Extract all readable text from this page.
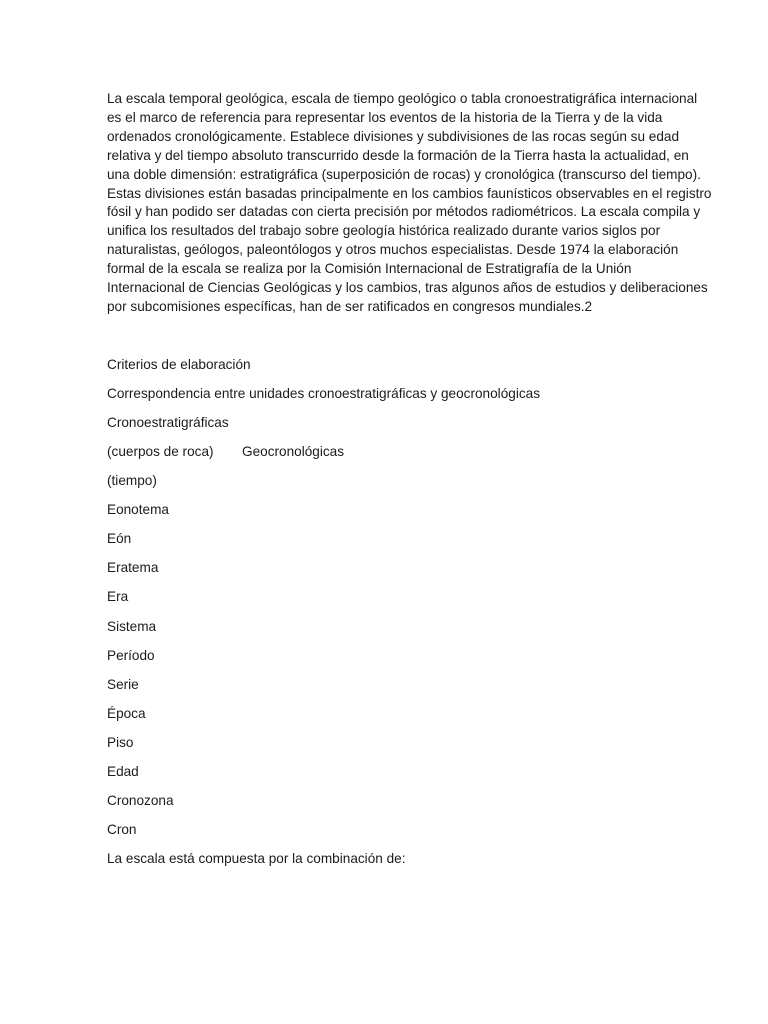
La escala temporal geológica, escala de tiempo geológico o tabla cronoestratigráfica internacional
es el marco de referencia para representar los eventos de la historia de la Tierra y de la vida
ordenados cronológicamente. Establece divisiones y subdivisiones de las rocas según su edad
relativa y del tiempo absoluto transcurrido desde la formación de la Tierra hasta la actualidad, en
una doble dimensión: estratigráfica (superposición de rocas) y cronológica (transcurso del tiempo).
Estas divisiones están basadas principalmente en los cambios faunísticos observables en el registro
fósil y han podido ser datadas con cierta precisión por métodos radiométricos. La escala compila y
unifica los resultados del trabajo sobre geología histórica realizado durante varios siglos por
naturalistas, geólogos, paleontólogos y otros muchos especialistas. Desde 1974 la elaboración
formal de la escala se realiza por la Comisión Internacional de Estratigrafía de la Unión
Internacional de Ciencias Geológicas y los cambios, tras algunos años de estudios y deliberaciones
por subcomisiones específicas, han de ser ratificados en congresos mundiales.2

Criterios de elaboración

Correspondencia entre unidades cronoestratigráficas y geocronológicas

Cronoestratigráficas

(cuerpos de roca) Geocronológicas

(tiempo)

Eonotema

Eón

Eratema

Era

Sistema

Período

Serie

Época

Piso

Edad

Cronozona

Cron

La escala está compuesta por la combinación de:
